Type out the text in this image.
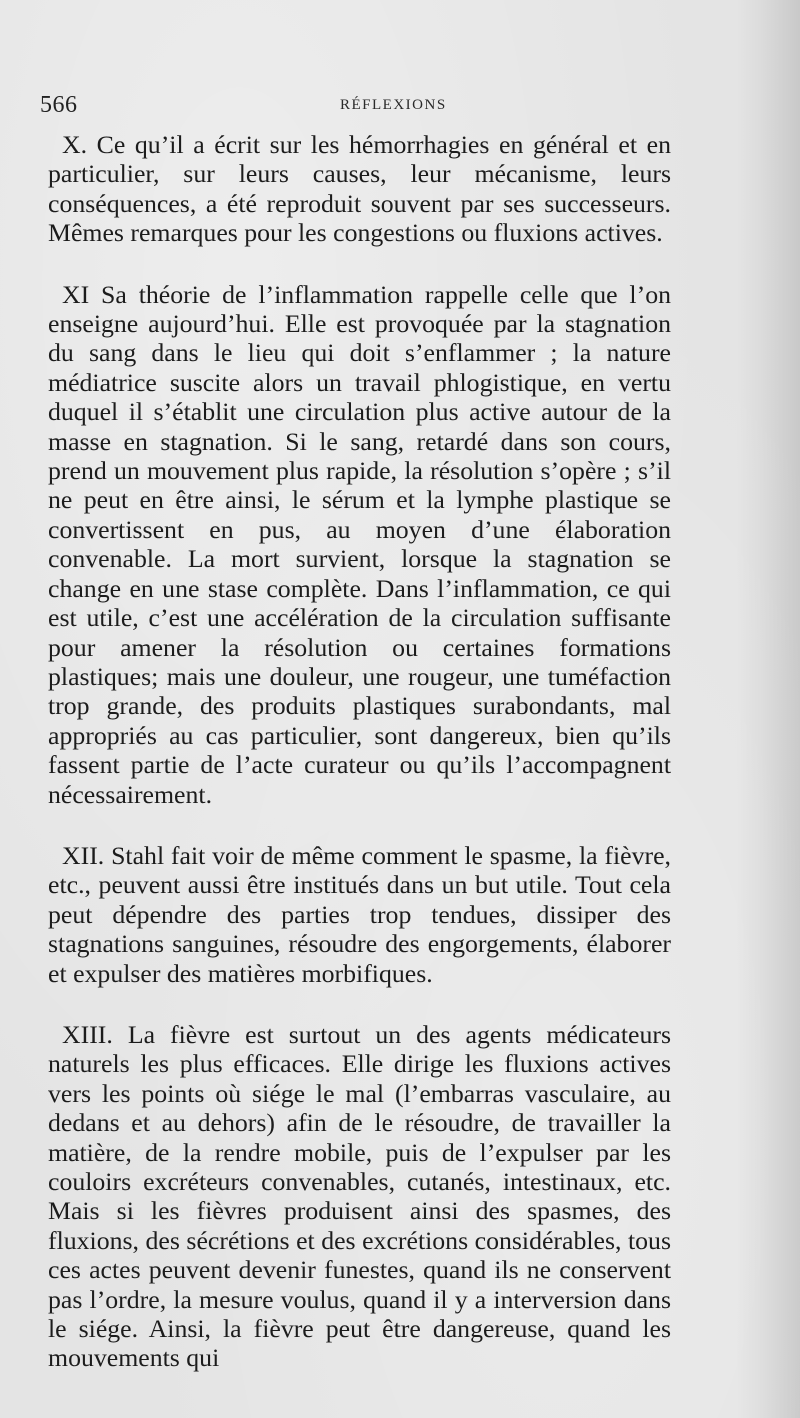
566	RÉFLEXIONS

X. Ce qu’il a écrit sur les hémorrhagies en général et en particulier, sur leurs causes, leur mécanisme, leurs conséquences, a été reproduit souvent par ses successeurs. Mêmes remarques pour les congestions ou fluxions actives.

XI Sa théorie de l’inflammation rappelle celle que l’on enseigne aujourd’hui. Elle est provoquée par la stagnation du sang dans le lieu qui doit s’enflammer ; la nature médiatrice suscite alors un travail phlogistique, en vertu duquel il s’établit une circulation plus active autour de la masse en stagnation. Si le sang, retardé dans son cours, prend un mouvement plus rapide, la résolution s’opère ; s’il ne peut en être ainsi, le sérum et la lymphe plastique se convertissent en pus, au moyen d’une élaboration convenable. La mort survient, lorsque la stagnation se change en une stase complète. Dans l’inflammation, ce qui est utile, c’est une accélération de la circulation suffisante pour amener la résolution ou certaines formations plastiques; mais une douleur, une rougeur, une tuméfaction trop grande, des produits plastiques surabondants, mal appropriés au cas particulier, sont dangereux, bien qu’ils fassent partie de l’acte curateur ou qu’ils l’accompagnent nécessairement.

XII. Stahl fait voir de même comment le spasme, la fièvre, etc., peuvent aussi être institués dans un but utile. Tout cela peut dépendre des parties trop tendues, dissiper des stagnations sanguines, résoudre des engorgements, élaborer et expulser des matières morbifiques.

XIII. La fièvre est surtout un des agents médicateurs naturels les plus efficaces. Elle dirige les fluxions actives vers les points où siége le mal (l’embarras vasculaire, au dedans et au dehors) afin de le résoudre, de travailler la matière, de la rendre mobile, puis de l’expulser par les couloirs excréteurs convenables, cutanés, intestinaux, etc. Mais si les fièvres produisent ainsi des spasmes, des fluxions, des sécrétions et des excrétions considérables, tous ces actes peuvent devenir funestes, quand ils ne conservent pas l’ordre, la mesure voulus, quand il y a interversion dans le siége. Ainsi, la fièvre peut être dangereuse, quand les mouvements qui
